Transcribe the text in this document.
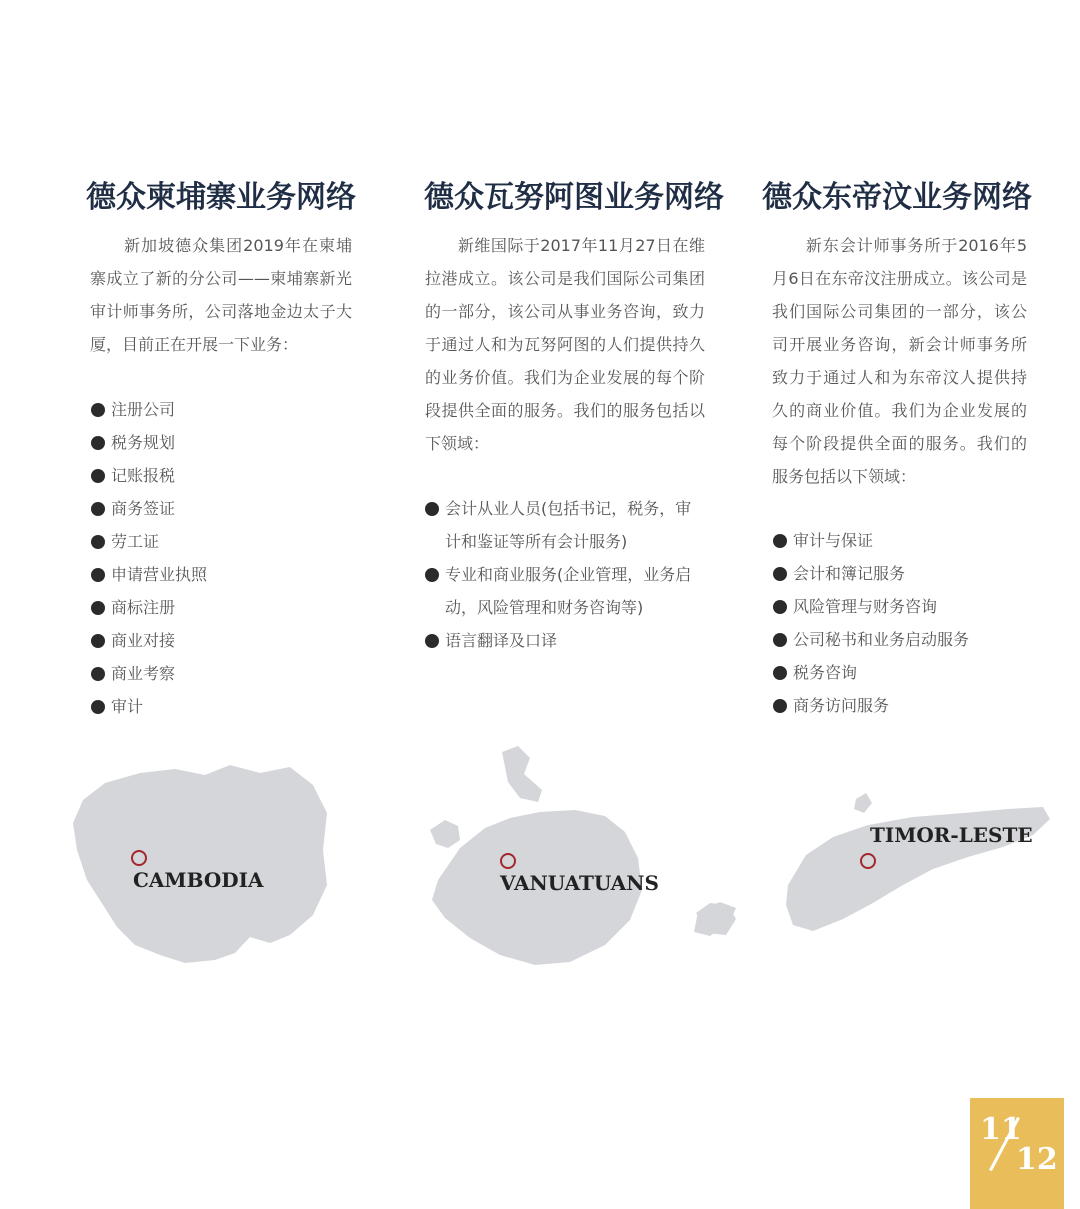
德众柬埔寨业务网络

　　新加坡德众集团2019年在柬埔寨成立了新的分公司——柬埔寨新光审计师事务所，公司落地金边太子大厦，目前正在开展一下业务：

注册公司
税务规划
记账报税
商务签证
劳工证
申请营业执照
商标注册
商业对接
商业考察
审计
CAMBODIA
德众瓦努阿图业务网络

　　新维国际于2017年11月27日在维拉港成立。该公司是我们国际公司集团的一部分，该公司从事业务咨询，致力于通过人和为瓦努阿图的人们提供持久的业务价值。我们为企业发展的每个阶段提供全面的服务。我们的服务包括以下领域：

会计从业人员(包括书记，税务，审计和鉴证等所有会计服务)
专业和商业服务(企业管理，业务启动，风险管理和财务咨询等)
语言翻译及口译
VANUATUANS
德众东帝汶业务网络

　　新东会计师事务所于2016年5月6日在东帝汶注册成立。该公司是我们国际公司集团的一部分，该公司开展业务咨询，新会计师事务所致力于通过人和为东帝汶人提供持久的商业价值。我们为企业发展的每个阶段提供全面的服务。我们的服务包括以下领域：

审计与保证
会计和簿记服务
风险管理与财务咨询
公司秘书和业务启动服务
税务咨询
商务访问服务
TIMOR-LESTE
11
12
